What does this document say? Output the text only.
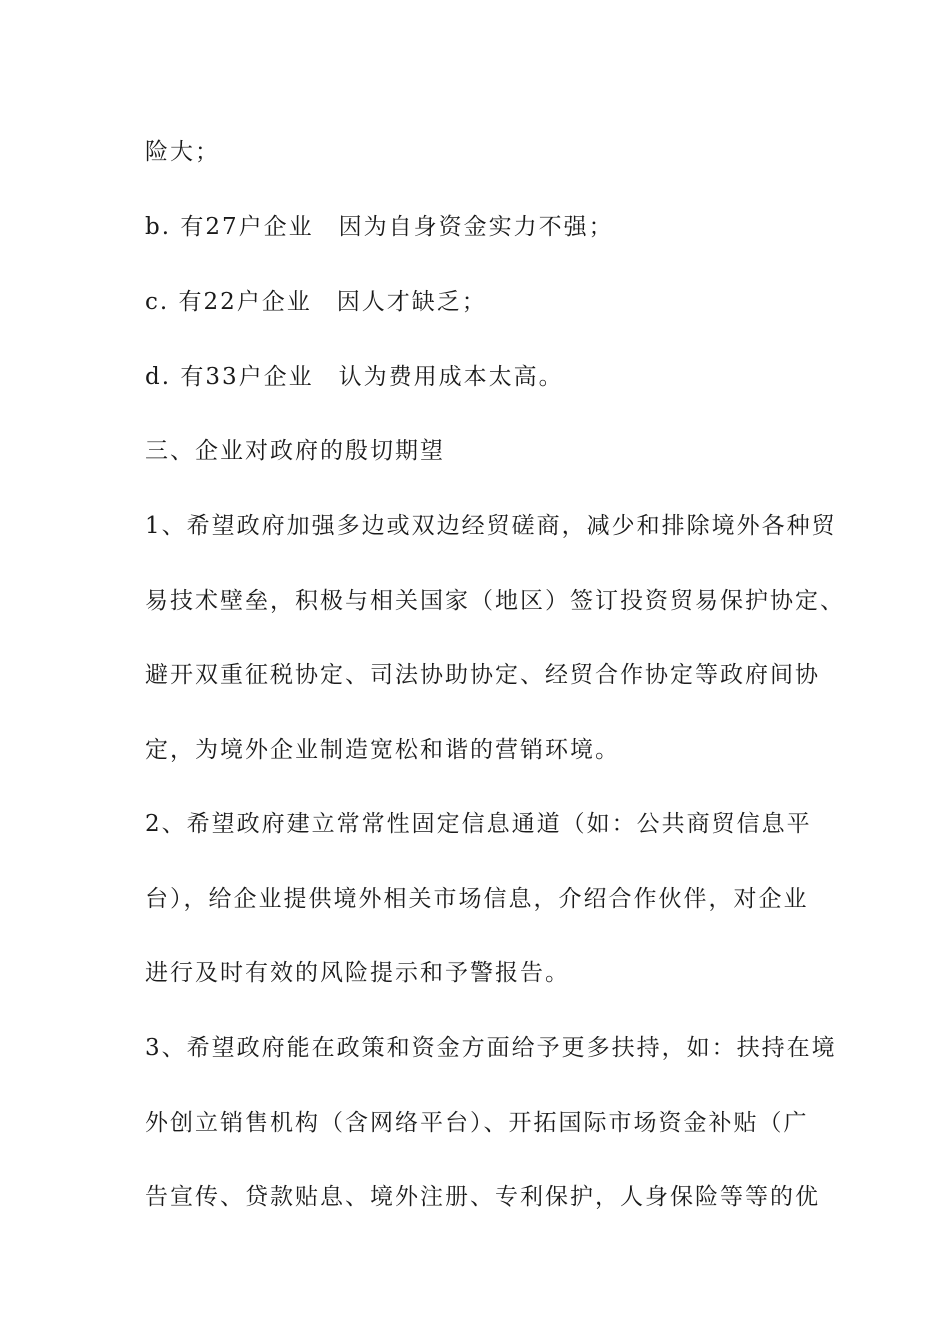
险大；
b. 有27户企业　因为自身资金实力不强；
c. 有22户企业　因人才缺乏；
d. 有33户企业　认为费用成本太高。
三、企业对政府的殷切期望
1、希望政府加强多边或双边经贸磋商，减少和排除境外各种贸
易技术壁垒，积极与相关国家（地区）签订投资贸易保护协定、
避开双重征税协定、司法协助协定、经贸合作协定等政府间协
定，为境外企业制造宽松和谐的营销环境。
2、希望政府建立常常性固定信息通道（如：公共商贸信息平
台），给企业提供境外相关市场信息，介绍合作伙伴，对企业
进行及时有效的风险提示和予警报告。
3、希望政府能在政策和资金方面给予更多扶持，如：扶持在境
外创立销售机构（含网络平台）、开拓国际市场资金补贴（广
告宣传、贷款贴息、境外注册、专利保护，人身保险等等的优
